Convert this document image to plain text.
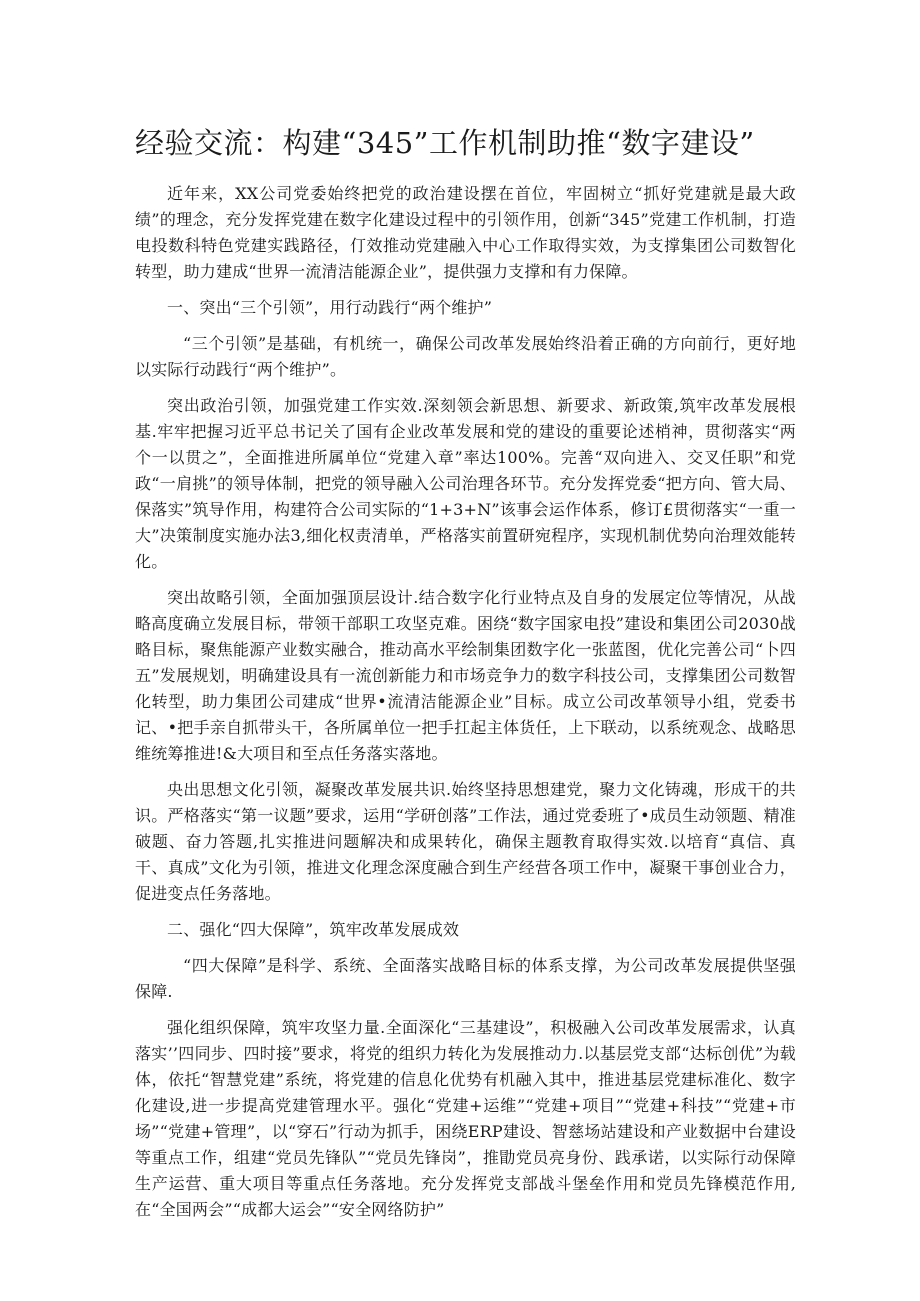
经验交流：构建“345”工作机制助推“数字建设”

近年来，XX公司党委始终把党的政治建设摆在首位，牢固树立“抓好党建就是最大政绩”的理念，充分发挥党建在数字化建设过程中的引领作用，创新“345”党建工作机制，打造电投数科特色党建实践路径，仃效推动党建融入中心工作取得实效，为支撑集团公司数智化转型，助力建成“世界一流清洁能源企业”，提供强力支撑和有力保障。

一、突出“三个引领”，用行动践行“两个维护”

“三个引领”是基础，有机统一，确保公司改革发展始终沿着正确的方向前行，更好地以实际行动践行“两个维护”。

突出政治引领，加强党建工作实效.深刻领会新思想、新要求、新政策,筑牢改革发展根基.牢牢把握习近平总书记关了国有企业改革发展和党的建设的重要论述梢神，贯彻落实“两个一以贯之”，全面推进所属单位“党建入章”率达100%。完善“双向进入、交叉任职”和党政“一肩挑”的领导体制，把党的领导融入公司治理各环节。充分发挥党委“把方向、管大局、保落实”筑导作用，构建符合公司实际的“1+3+N”该事会运作体系，修订£贯彻落实“一重一大”决策制度实施办法3,细化权责清单，严格落实前置研宛程序，实现机制优势向治理效能转化。

突出故略引领，全面加强顶层设计.结合数字化行业特点及自身的发展定位等情况，从战略高度确立发展目标，带领干部职工攻坚克难。困绕“数字国家电投”建设和集团公司2030战略目标，聚焦能源产业数实融合，推动高水平绘制集团数字化一张蓝图，优化完善公司“卜四五”发展规划，明确建设具有一流创新能力和市场竞争力的数字科技公司，支撑集团公司数智化转型，助力集团公司建成“世界•流清洁能源企业”目标。成立公司改革领导小组，党委书记、•把手亲自抓带头干，各所属单位一把手扛起主体货任，上下联动，以系统观念、战略思维统筹推进!&大项目和至点任务落实落地。

央出思想文化引领，凝聚改革发展共识.始终坚持思想建党，聚力文化铸魂，形成干的共识。严格落实“第一议题”要求，运用“学研创落”工作法，通过党委班了•成员生动领题、精准破题、奋力答题,扎实推进问题解决和成果转化，确保主题教育取得实效.以培育“真信、真干、真成”文化为引领，推进文化理念深度融合到生产经营各项工作中，凝聚干事创业合力，促进变点任务落地。

二、强化“四大保障”，筑牢改革发展成效

“四大保障”是科学、系统、全面落实战略目标的体系支撑，为公司改革发展提供坚强保障.

强化组织保障，筑牢攻坚力量.全面深化“三基建设”，积极融入公司改革发展需求，认真落实’’四同步、四时接”要求，将党的组织力转化为发展推动力.以基层党支部“达标创优”为载体，依托“智慧党建”系统，将党建的信息化优势有机融入其中，推进基层党建标准化、数字化建设,进一步提高党建管理水平。强化“党建+运维”“党建+项目”“党建+科技”“党建+市场”“党建+管理”，以“穿石”行动为抓手，困绕ERP建设、智慈场站建设和产业数据中台建设等重点工作，组建“党员先锋队”“党员先锋岗”，推勖党员亮身份、践承诺，以实际行动保障生产运营、重大项目等重点任务落地。充分发挥党支部战斗堡垒作用和党员先锋模范作用,在“全国两会”“成都大运会”“安全网络防护”
